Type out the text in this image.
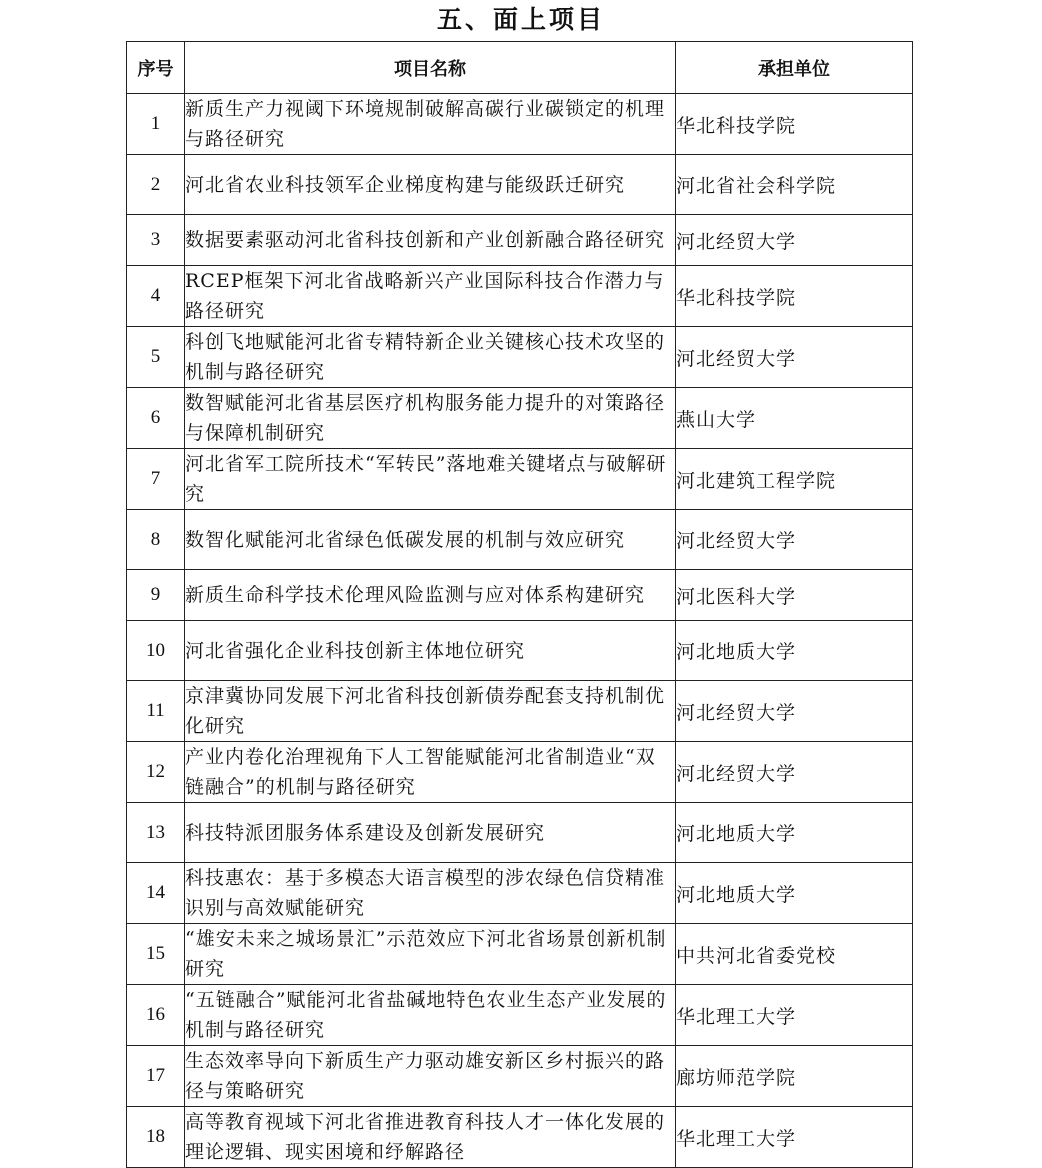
五、面上项目
序号	项目名称	承担单位
1	新质生产力视阈下环境规制破解高碳行业碳锁定的机理与路径研究	华北科技学院
2	河北省农业科技领军企业梯度构建与能级跃迁研究	河北省社会科学院
3	数据要素驱动河北省科技创新和产业创新融合路径研究	河北经贸大学
4	RCEP框架下河北省战略新兴产业国际科技合作潜力与路径研究	华北科技学院
5	科创飞地赋能河北省专精特新企业关键核心技术攻坚的机制与路径研究	河北经贸大学
6	数智赋能河北省基层医疗机构服务能力提升的对策路径与保障机制研究	燕山大学
7	河北省军工院所技术“军转民”落地难关键堵点与破解研究	河北建筑工程学院
8	数智化赋能河北省绿色低碳发展的机制与效应研究	河北经贸大学
9	新质生命科学技术伦理风险监测与应对体系构建研究	河北医科大学
10	河北省强化企业科技创新主体地位研究	河北地质大学
11	京津冀协同发展下河北省科技创新债券配套支持机制优化研究	河北经贸大学
12	产业内卷化治理视角下人工智能赋能河北省制造业“双链融合”的机制与路径研究	河北经贸大学
13	科技特派团服务体系建设及创新发展研究	河北地质大学
14	科技惠农：基于多模态大语言模型的涉农绿色信贷精准识别与高效赋能研究	河北地质大学
15	“雄安未来之城场景汇”示范效应下河北省场景创新机制研究	中共河北省委党校
16	“五链融合”赋能河北省盐碱地特色农业生态产业发展的机制与路径研究	华北理工大学
17	生态效率导向下新质生产力驱动雄安新区乡村振兴的路径与策略研究	廊坊师范学院
18	高等教育视域下河北省推进教育科技人才一体化发展的理论逻辑、现实困境和纾解路径	华北理工大学
